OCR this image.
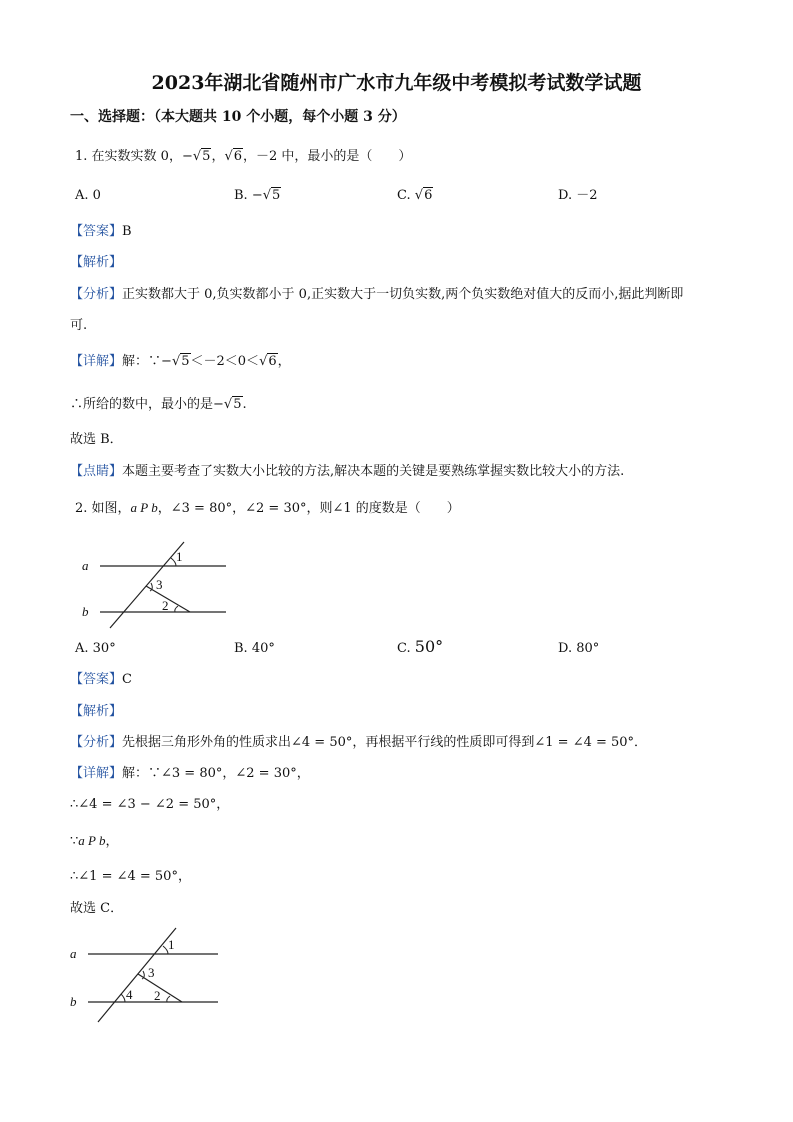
2023年湖北省随州市广水市九年级中考模拟考试数学试题
一、选择题：（本大题共 10 个小题，每个小题 3 分）
1. 在实数实数 0，−√5，√6，－2 中，最小的是（　　）
A. 0	B. −√5	C. √6	D. －2
【答案】B
【解析】
【分析】正实数都大于 0,负实数都小于 0,正实数大于一切负实数,两个负实数绝对值大的反而小,据此判断即
可.
【详解】解：∵−√5＜－2＜0＜√6，
∴所给的数中，最小的是−√5.
故选 B．
【点睛】本题主要考查了实数大小比较的方法,解决本题的关键是要熟练掌握实数比较大小的方法.
2. 如图，a P b，∠3 = 80°，∠2 = 30°，则∠1 的度数是（　　）
a
b
1
3
2
A. 30°	B. 40°	C. 50°	D. 80°
【答案】C
【解析】
【分析】先根据三角形外角的性质求出∠4 = 50°，再根据平行线的性质即可得到∠1 = ∠4 = 50°．
【详解】解：∵∠3 = 80°，∠2 = 30°，
∴∠4 = ∠3 − ∠2 = 50°，
∵a P b，
∴∠1 = ∠4 = 50°，
故选 C．
a
b
1
3
2
4
